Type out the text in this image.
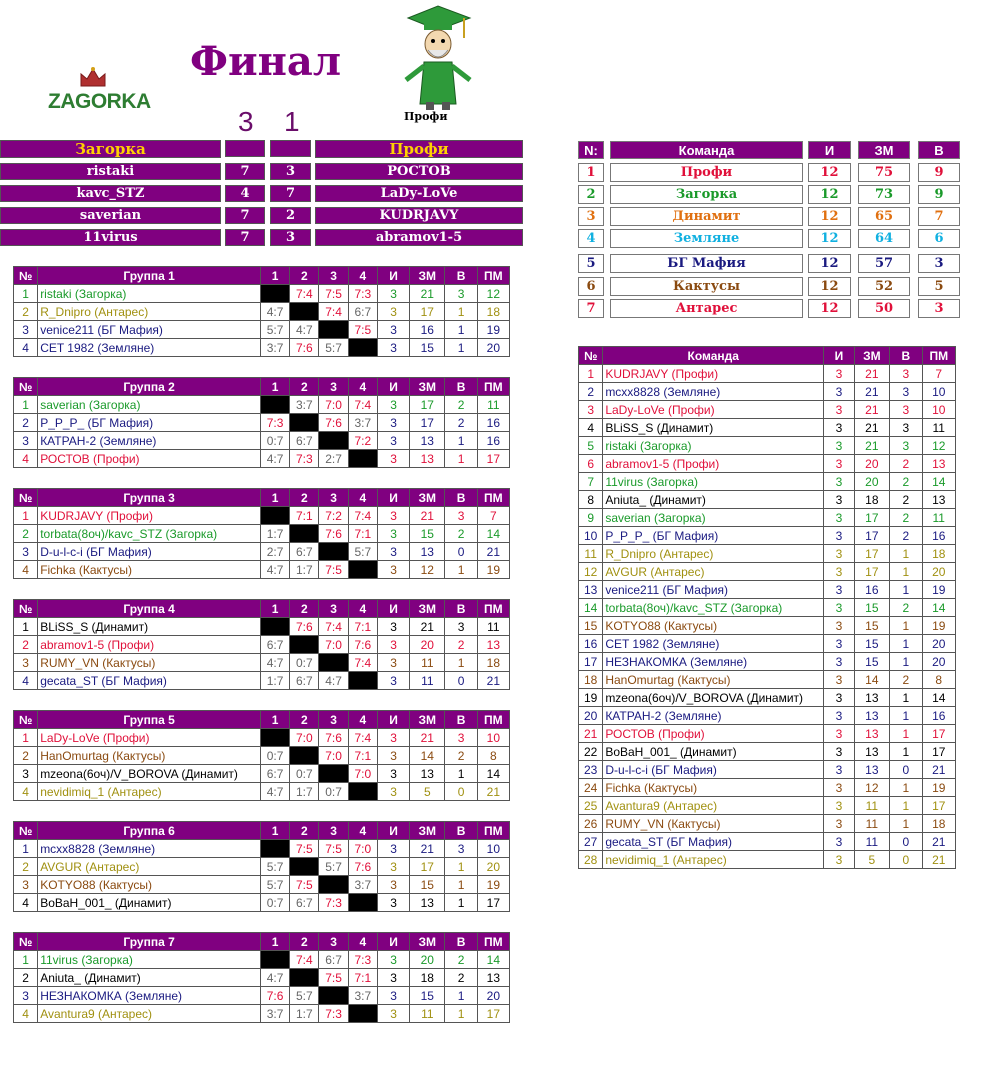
ZAGORKA
Финал
3 1	Профи
Загорка	Профи
ristaki	7	3	РОСТОВ
kavc_STZ	4	7	LaDy-LoVe
saverian	7	2	KUDRJAVY
11virus	7	3	abramov1-5
N:	Команда	И	ЗМ	В
1	Профи	12	75	9
2	Загорка	12	73	9
3	Динамит	12	65	7
4	Земляне	12	64	6
5	БГ Мафия	12	57	3
6	Кактусы	12	52	5
7	Антарес	12	50	3
№	Группа 1	1	2	3	4	И	ЗМ	В	ПМ
1	ristaki (Загорка)		7:4	7:5	7:3	3	21	3	12
2	R_Dnipro (Антарес)	4:7		7:4	6:7	3	17	1	18
3	venice211 (БГ Мафия)	5:7	4:7		7:5	3	16	1	19
4	CET 1982 (Земляне)	3:7	7:6	5:7		3	15	1	20
№	Группа 2	1	2	3	4	И	ЗМ	В	ПМ
1	saverian (Загорка)		3:7	7:0	7:4	3	17	2	11
2	P_P_P_ (БГ Мафия)	7:3		7:6	3:7	3	17	2	16
3	КАТРАН-2 (Земляне)	0:7	6:7		7:2	3	13	1	16
4	РОСТОВ (Профи)	4:7	7:3	2:7		3	13	1	17
№	Группа 3	1	2	3	4	И	ЗМ	В	ПМ
1	KUDRJAVY (Профи)		7:1	7:2	7:4	3	21	3	7
2	torbata(8оч)/kavc_STZ (Загорка)	1:7		7:6	7:1	3	15	2	14
3	D-u-l-c-i (БГ Мафия)	2:7	6:7		5:7	3	13	0	21
4	Fichka (Кактусы)	4:7	1:7	7:5		3	12	1	19
№	Группа 4	1	2	3	4	И	ЗМ	В	ПМ
1	BLiSS_S (Динамит)		7:6	7:4	7:1	3	21	3	11
2	abramov1-5 (Профи)	6:7		7:0	7:6	3	20	2	13
3	RUMY_VN (Кактусы)	4:7	0:7		7:4	3	11	1	18
4	gecata_ST (БГ Мафия)	1:7	6:7	4:7		3	11	0	21
№	Группа 5	1	2	3	4	И	ЗМ	В	ПМ
1	LaDy-LoVe (Профи)		7:0	7:6	7:4	3	21	3	10
2	HanOmurtag (Кактусы)	0:7		7:0	7:1	3	14	2	8
3	mzeona(6оч)/V_BOROVA (Динамит)	6:7	0:7		7:0	3	13	1	14
4	nevidimiq_1 (Антарес)	4:7	1:7	0:7		3	5	0	21
№	Группа 6	1	2	3	4	И	ЗМ	В	ПМ
1	mcxx8828 (Земляне)		7:5	7:5	7:0	3	21	3	10
2	AVGUR (Антарес)	5:7		5:7	7:6	3	17	1	20
3	KOTYO88 (Кактусы)	5:7	7:5		3:7	3	15	1	19
4	BoBaH_001_ (Динамит)	0:7	6:7	7:3		3	13	1	17
№	Группа 7	1	2	3	4	И	ЗМ	В	ПМ
1	11virus (Загорка)		7:4	6:7	7:3	3	20	2	14
2	Aniuta_ (Динамит)	4:7		7:5	7:1	3	18	2	13
3	НЕЗНАКОМКА (Земляне)	7:6	5:7		3:7	3	15	1	20
4	Avantura9 (Антарес)	3:7	1:7	7:3		3	11	1	17
№	Команда	И	ЗМ	В	ПМ
1	KUDRJAVY (Профи)	3	21	3	7
2	mcxx8828 (Земляне)	3	21	3	10
3	LaDy-LoVe (Профи)	3	21	3	10
4	BLiSS_S (Динамит)	3	21	3	11
5	ristaki (Загорка)	3	21	3	12
6	abramov1-5 (Профи)	3	20	2	13
7	11virus (Загорка)	3	20	2	14
8	Aniuta_ (Динамит)	3	18	2	13
9	saverian (Загорка)	3	17	2	11
10	P_P_P_ (БГ Мафия)	3	17	2	16
11	R_Dnipro (Антарес)	3	17	1	18
12	AVGUR (Антарес)	3	17	1	20
13	venice211 (БГ Мафия)	3	16	1	19
14	torbata(8оч)/kavc_STZ (Загорка)	3	15	2	14
15	KOTYO88 (Кактусы)	3	15	1	19
16	CET 1982 (Земляне)	3	15	1	20
17	НЕЗНАКОМКА (Земляне)	3	15	1	20
18	HanOmurtag (Кактусы)	3	14	2	8
19	mzeona(6оч)/V_BOROVA (Динамит)	3	13	1	14
20	КАТРАН-2 (Земляне)	3	13	1	16
21	РОСТОВ (Профи)	3	13	1	17
22	BoBaH_001_ (Динамит)	3	13	1	17
23	D-u-l-c-i (БГ Мафия)	3	13	0	21
24	Fichka (Кактусы)	3	12	1	19
25	Avantura9 (Антарес)	3	11	1	17
26	RUMY_VN (Кактусы)	3	11	1	18
27	gecata_ST (БГ Мафия)	3	11	0	21
28	nevidimiq_1 (Антарес)	3	5	0	21
